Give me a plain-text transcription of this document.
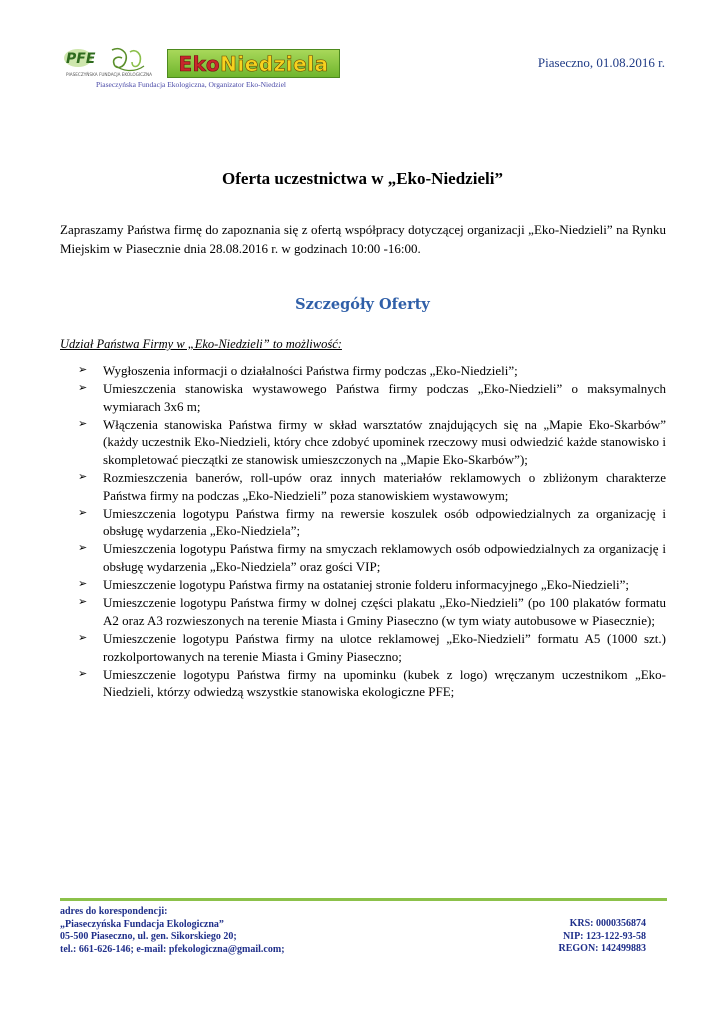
PFE
PIASECZYŃSKA FUNDACJA EKOLOGICZNA EkoNiedziela
Piaseczyńska Fundacja Ekologiczna, Organizator Eko-Niedziel
Piaseczno, 01.08.2016 r.
Oferta uczestnictwa w „Eko-Niedzieli”
Zapraszamy Państwa firmę do zapoznania się z ofertą współpracy dotyczącej organizacji „Eko-Niedzieli” na Rynku Miejskim w Piasecznie dnia 28.08.2016 r. w godzinach 10:00 -16:00.
Szczegóły Oferty
Udział Państwa Firmy w „Eko-Niedzieli” to możliwość:
➢ Wygłoszenia informacji o działalności Państwa firmy podczas „Eko-Niedzieli”;
➢ Umieszczenia stanowiska wystawowego Państwa firmy podczas „Eko-Niedzieli” o maksymalnych wymiarach 3x6 m;
➢ Włączenia stanowiska Państwa firmy w skład warsztatów znajdujących się na „Mapie Eko-Skarbów” (każdy uczestnik Eko-Niedzieli, który chce zdobyć upominek rzeczowy musi odwiedzić każde stanowisko i skompletować pieczątki ze stanowisk umieszczonych na „Mapie Eko-Skarbów”);
➢ Rozmieszczenia banerów, roll-upów oraz innych materiałów reklamowych o zbliżonym charakterze Państwa firmy na podczas „Eko-Niedzieli” poza stanowiskiem wystawowym;
➢ Umieszczenia logotypu Państwa firmy na rewersie koszulek osób odpowiedzialnych za organizację i obsługę wydarzenia „Eko-Niedziela”;
➢ Umieszczenia logotypu Państwa firmy na smyczach reklamowych osób odpowiedzialnych za organizację i obsługę wydarzenia „Eko-Niedziela” oraz gości VIP;
➢ Umieszczenie logotypu Państwa firmy na ostataniej stronie folderu informacyjnego „Eko-Niedzieli”;
➢ Umieszczenie logotypu Państwa firmy w dolnej części plakatu „Eko-Niedzieli” (po 100 plakatów formatu A2 oraz A3 rozwieszonych na terenie Miasta i Gminy Piaseczno (w tym wiaty autobusowe w Piasecznie);
➢ Umieszczenie logotypu Państwa firmy na ulotce reklamowej „Eko-Niedzieli” formatu A5 (1000 szt.) rozkolportowanych na terenie Miasta i Gminy Piaseczno;
➢ Umieszczenie logotypu Państwa firmy na upominku (kubek z logo) wręczanym uczestnikom „Eko-Niedzieli, którzy odwiedzą wszystkie stanowiska ekologiczne PFE;
adres do korespondencji:
„Piaseczyńska Fundacja Ekologiczna”
05-500 Piaseczno, ul. gen. Sikorskiego 20;
tel.: 661-626-146; e-mail: pfekologiczna@gmail.com;
KRS: 0000356874
NIP: 123-122-93-58
REGON: 142499883
